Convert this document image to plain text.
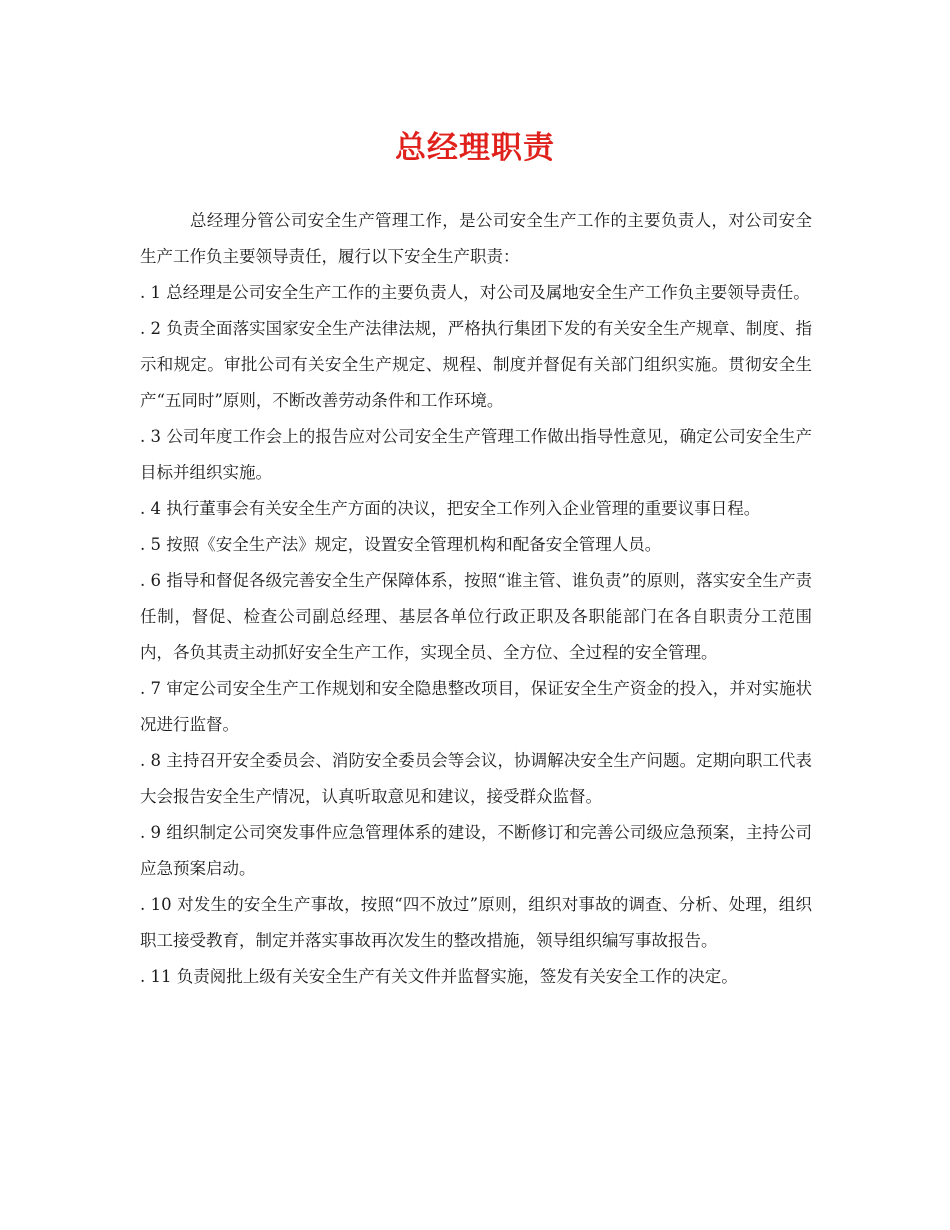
总经理职责

总经理分管公司安全生产管理工作，是公司安全生产工作的主要负责人，对公司安全生产工作负主要领导责任，履行以下安全生产职责：

. 1 总经理是公司安全生产工作的主要负责人，对公司及属地安全生产工作负主要领导责任。

. 2 负责全面落实国家安全生产法律法规，严格执行集团下发的有关安全生产规章、制度、指示和规定。审批公司有关安全生产规定、规程、制度并督促有关部门组织实施。贯彻安全生产“五同时”原则，不断改善劳动条件和工作环境。

. 3 公司年度工作会上的报告应对公司安全生产管理工作做出指导性意见，确定公司安全生产目标并组织实施。

. 4 执行董事会有关安全生产方面的决议，把安全工作列入企业管理的重要议事日程。

. 5 按照《安全生产法》规定，设置安全管理机构和配备安全管理人员。

. 6 指导和督促各级完善安全生产保障体系，按照“谁主管、谁负责”的原则，落实安全生产责任制，督促、检查公司副总经理、基层各单位行政正职及各职能部门在各自职责分工范围内，各负其责主动抓好安全生产工作，实现全员、全方位、全过程的安全管理。

. 7 审定公司安全生产工作规划和安全隐患整改项目，保证安全生产资金的投入，并对实施状况进行监督。

. 8 主持召开安全委员会、消防安全委员会等会议，协调解决安全生产问题。定期向职工代表大会报告安全生产情况，认真听取意见和建议，接受群众监督。

. 9 组织制定公司突发事件应急管理体系的建设，不断修订和完善公司级应急预案，主持公司应急预案启动。

. 10 对发生的安全生产事故，按照“四不放过”原则，组织对事故的调查、分析、处理，组织职工接受教育，制定并落实事故再次发生的整改措施，领导组织编写事故报告。

. 11 负责阅批上级有关安全生产有关文件并监督实施，签发有关安全工作的决定。
